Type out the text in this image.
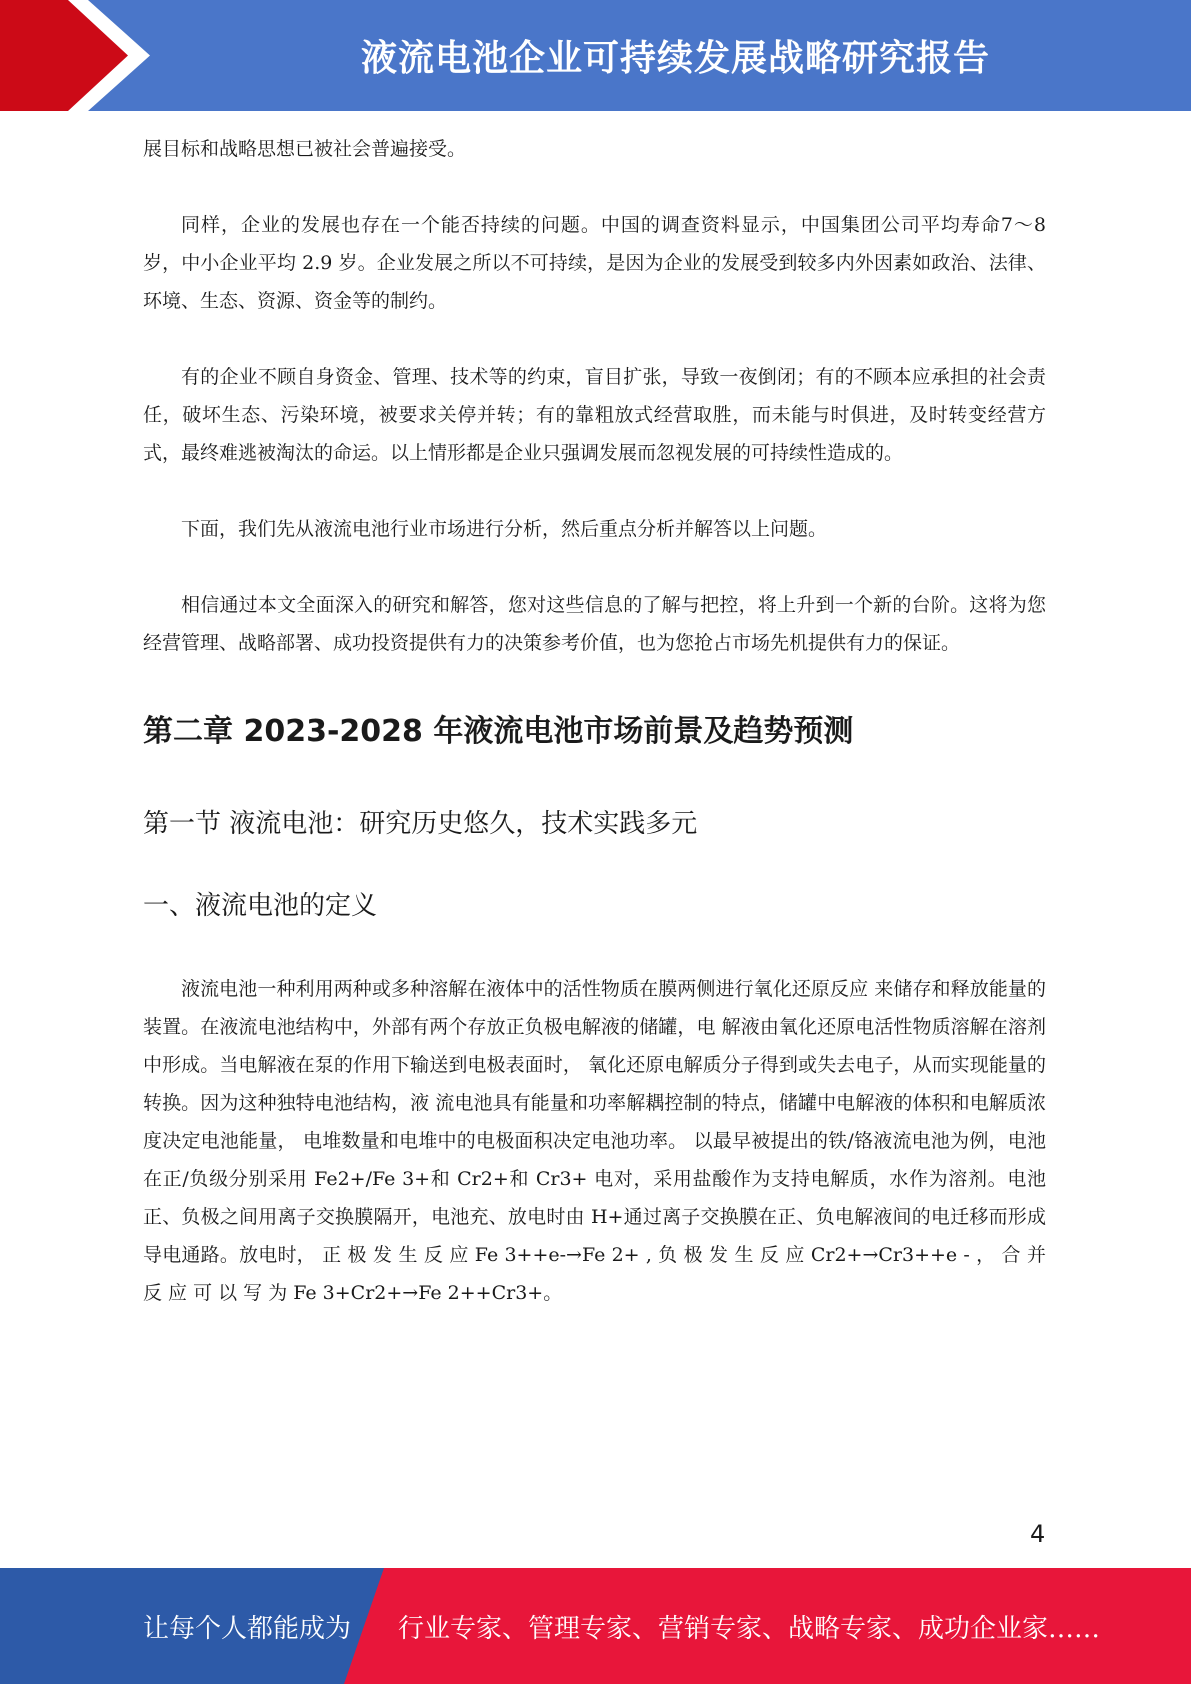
液流电池企业可持续发展战略研究报告

展目标和战略思想已被社会普遍接受。

同样，企业的发展也存在一个能否持续的问题。中国的调查资料显示，中国集团公司平均寿命7～8 岁，中小企业平均 2.9 岁。企业发展之所以不可持续，是因为企业的发展受到较多内外因素如政治、法律、环境、生态、资源、资金等的制约。

有的企业不顾自身资金、管理、技术等的约束，盲目扩张，导致一夜倒闭；有的不顾本应承担的社会责任，破坏生态、污染环境，被要求关停并转；有的靠粗放式经营取胜，而未能与时俱进，及时转变经营方式，最终难逃被淘汰的命运。以上情形都是企业只强调发展而忽视发展的可持续性造成的。

下面，我们先从液流电池行业市场进行分析，然后重点分析并解答以上问题。

相信通过本文全面深入的研究和解答，您对这些信息的了解与把控，将上升到一个新的台阶。这将为您经营管理、战略部署、成功投资提供有力的决策参考价值，也为您抢占市场先机提供有力的保证。

第二章 2023-2028 年液流电池市场前景及趋势预测
第一节 液流电池：研究历史悠久，技术实践多元
一、液流电池的定义

液流电池一种利用两种或多种溶解在液体中的活性物质在膜两侧进行氧化还原反应 来储存和释放能量的装置。在液流电池结构中，外部有两个存放正负极电解液的储罐，电 解液由氧化还原电活性物质溶解在溶剂中形成。当电解液在泵的作用下输送到电极表面时， 氧化还原电解质分子得到或失去电子，从而实现能量的转换。因为这种独特电池结构，液 流电池具有能量和功率解耦控制的特点，储罐中电解液的体积和电解质浓度决定电池能量， 电堆数量和电堆中的电极面积决定电池功率。 以最早被提出的铁/铬液流电池为例，电池在正/负级分别采用 Fe2+/Fe 3+和 Cr2+和 Cr3+ 电对，采用盐酸作为支持电解质，水作为溶剂。电池正、负极之间用离子交换膜隔开，电池充、放电时由 H+通过离子交换膜在正、负电解液间的电迁移而形成导电通路。放电时， 正 极 发 生 反 应 Fe 3++e-→Fe 2+ , 负 极 发 生 反 应 Cr2+→Cr3++e - ， 合 并 反 应 可 以 写 为 Fe 3+Cr2+→Fe 2++Cr3+。

4
让每个人都能成为 行业专家、管理专家、营销专家、战略专家、成功企业家……
